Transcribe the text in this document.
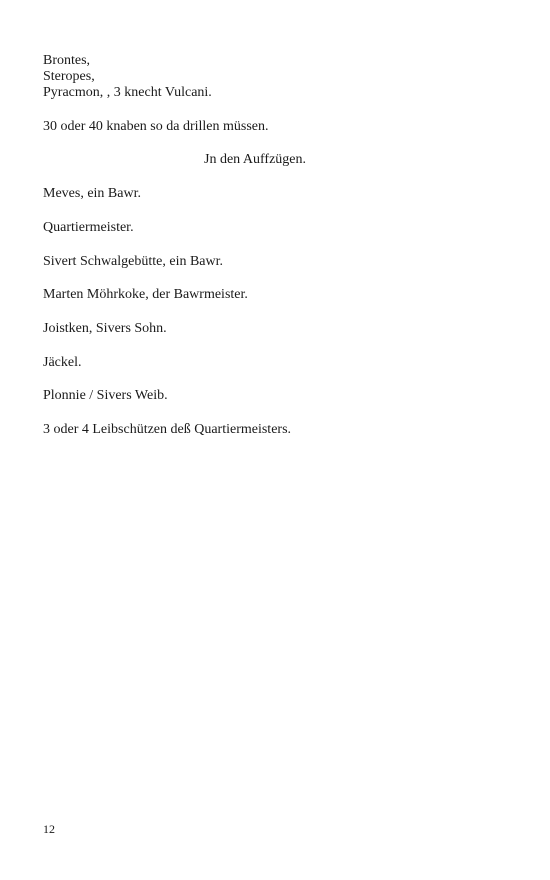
Brontes,
Steropes,
Pyracmon, , 3 knecht Vulcani.
30 oder 40 knaben so da drillen müssen.
Jn den Auffzügen.
Meves, ein Bawr.
Quartiermeister.
Sivert Schwalgebütte, ein Bawr.
Marten Möhrkoke, der Bawrmeister.
Joistken, Sivers Sohn.
Jäckel.
Plonnie / Sivers Weib.
3 oder 4 Leibschützen deß Quartiermeisters.
12
